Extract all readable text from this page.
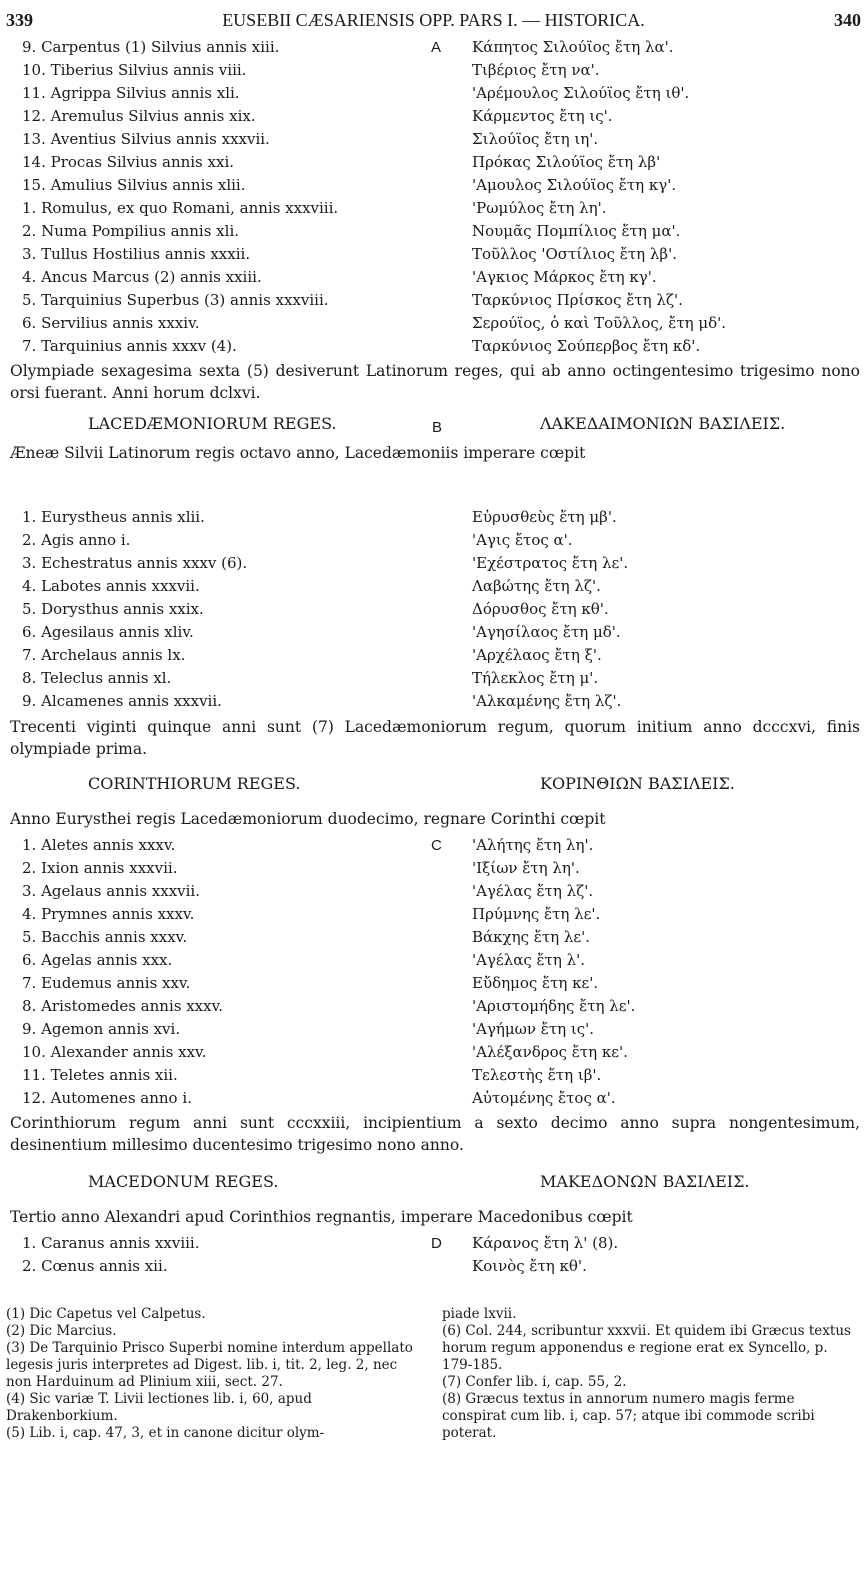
339	EUSEBII CÆSARIENSIS OPP. PARS I. — HISTORICA.	340
9. Carpentus (1) Silvius annis xiii.	A Κάπητος Σιλούϊος ἔτη λα'.
10. Tiberius Silvius annis viii.	Τιβέριος ἔτη να'.
11. Agrippa Silvius annis xli.	'Αρέμουλος Σιλούϊος ἔτη ιθ'.
12. Aremulus Silvius annis xix.	Κάρμεντος ἔτη ις'.
13. Aventius Silvius annis xxxvii.	Σιλούϊος ἔτη ιη'.
14. Procas Silvius annis xxi.	Πρόκας Σιλούϊος ἔτη λβ'
15. Amulius Silvius annis xlii.	'Αμουλος Σιλούϊος ἔτη κγ'.
1. Romulus, ex quo Romani, annis xxxviii.	'Ρωμύλος ἔτη λη'.
2. Numa Pompilius annis xli.	Νουμᾶς Πομπίλιος ἔτη μα'.
3. Tullus Hostilius annis xxxii.	Τοῦλλος 'Οστίλιος ἔτη λβ'.
4. Ancus Marcus (2) annis xxiii.	'Αγκιος Μάρκος ἔτη κγ'.
5. Tarquinius Superbus (3) annis xxxviii.	Ταρκύνιος Πρίσκος ἔτη λζ'.
6. Servilius annis xxxiv.	Σερούϊος, ὁ καὶ Τοῦλλος, ἔτη μδ'.
7. Tarquinius annis xxxv (4).	Ταρκύνιος Σούπερβος ἔτη κδ'.
Olympiade sexagesima sexta (5) desiverunt Latinorum reges, qui ab anno octingentesimo trigesimo nono orsi fuerant. Anni horum dclxvi.
LACEDÆMONIORUM REGES.	B	ΛΑΚΕΔΑΙΜΟΝΙΩΝ ΒΑΣΙΛΕΙΣ.
Æneæ Silvii Latinorum regis octavo anno, Lacedæmoniis imperare cœpit
1. Eurystheus annis xlii.	Εὐρυσθεὺς ἔτη μβ'.
2. Agis anno i.	'Αγις ἔτος α'.
3. Echestratus annis xxxv (6).	'Εχέστρατος ἔτη λε'.
4. Labotes annis xxxvii.	Λαβώτης ἔτη λζ'.
5. Dorysthus annis xxix.	Δόρυσθος ἔτη κθ'.
6. Agesilaus annis xliv.	'Αγησίλαος ἔτη μδ'.
7. Archelaus annis lx.	'Αρχέλαος ἔτη ξ'.
8. Teleclus annis xl.	Τήλεκλος ἔτη μ'.
9. Alcamenes annis xxxvii.	'Αλκαμένης ἔτη λζ'.
Trecenti viginti quinque anni sunt (7) Lacedæmoniorum regum, quorum initium anno dcccxvi, finis olympiade prima.
CORINTHIORUM REGES.	ΚΟΡΙΝΘΙΩΝ ΒΑΣΙΛΕΙΣ.
Anno Eurysthei regis Lacedæmoniorum duodecimo, regnare Corinthi cœpit
1. Aletes annis xxxv.	C 'Αλήτης ἔτη λη'.
2. Ixion annis xxxvii.	'Ιξίων ἔτη λη'.
3. Agelaus annis xxxvii.	'Αγέλας ἔτη λζ'.
4. Prymnes annis xxxv.	Πρύμνης ἔτη λε'.
5. Bacchis annis xxxv.	Βάκχης ἔτη λε'.
6. Agelas annis xxx.	'Αγέλας ἔτη λ'.
7. Eudemus annis xxv.	Εὔδημος ἔτη κε'.
8. Aristomedes annis xxxv.	'Αριστομήδης ἔτη λε'.
9. Agemon annis xvi.	'Αγήμων ἔτη ις'.
10. Alexander annis xxv.	'Αλέξανδρος ἔτη κε'.
11. Teletes annis xii.	Τελεστὴς ἔτη ιβ'.
12. Automenes anno i.	Αὐτομένης ἔτος α'.
Corinthiorum regum anni sunt cccxxiii, incipientium a sexto decimo anno supra nongentesimum, desinentium millesimo ducentesimo trigesimo nono anno.
MACEDONUM REGES.	ΜΑΚΕΔΟΝΩΝ ΒΑΣΙΛΕΙΣ.
Tertio anno Alexandri apud Corinthios regnantis, imperare Macedonibus cœpit
1. Caranus annis xxviii.	D Κάρανος ἔτη λ' (8).
2. Cœnus annis xii.	Κοινὸς ἔτη κθ'.

(1) Dic Capetus vel Calpetus.

(2) Dic Marcius.

(3) De Tarquinio Prisco Superbi nomine interdum appellato legesis juris interpretes ad Digest. lib. i, tit. 2, leg. 2, nec non Harduinum ad Plinium xiii, sect. 27.

(4) Sic variæ T. Livii lectiones lib. i, 60, apud Drakenborkium.

(5) Lib. i, cap. 47, 3, et in canone dicitur olym-

piade lxvii.

(6) Col. 244, scribuntur xxxvii. Et quidem ibi Græcus textus horum regum apponendus e regione erat ex Syncello, p. 179-185.

(7) Confer lib. i, cap. 55, 2.

(8) Græcus textus in annorum numero magis ferme conspirat cum lib. i, cap. 57; atque ibi commode scribi poterat.
